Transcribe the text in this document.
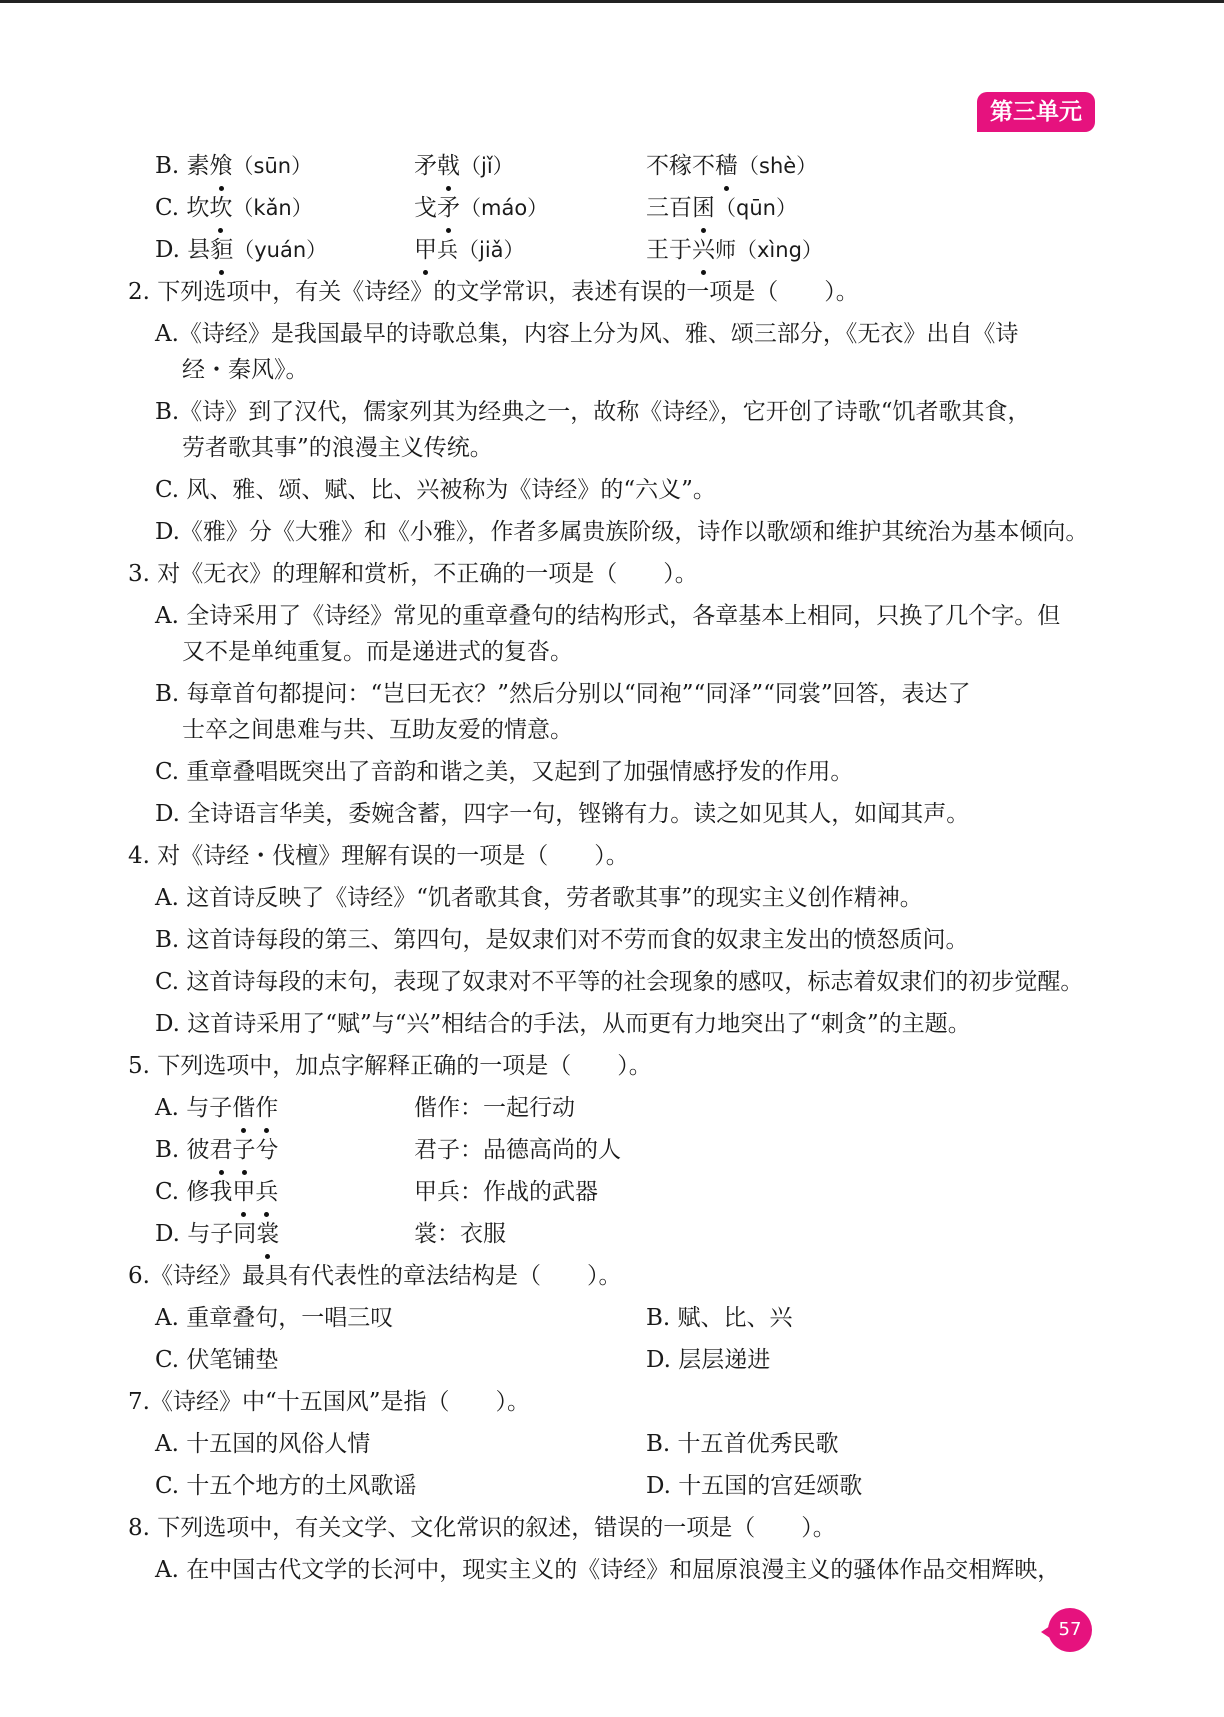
第三单元
B. 素飧（sūn）	矛戟（jǐ）	不稼不穑（shè）
C. 坎坎（kǎn）	戈矛（máo）	三百囷（qūn）
D. 县貆（yuán）	甲兵（jiǎ）	王于兴师（xìng）
2. 下列选项中，有关《诗经》的文学常识，表述有误的一项是（　　）。
A.《诗经》是我国最早的诗歌总集，内容上分为风、雅、颂三部分，《无衣》出自《诗
经・秦风》。
B.《诗》到了汉代，儒家列其为经典之一，故称《诗经》，它开创了诗歌“饥者歌其食，
劳者歌其事”的浪漫主义传统。
C. 风、雅、颂、赋、比、兴被称为《诗经》的“六义”。
D.《雅》分《大雅》和《小雅》，作者多属贵族阶级，诗作以歌颂和维护其统治为基本倾向。
3. 对《无衣》的理解和赏析，不正确的一项是（　　）。
A. 全诗采用了《诗经》常见的重章叠句的结构形式，各章基本上相同，只换了几个字。但
又不是单纯重复。而是递进式的复沓。
B. 每章首句都提问：“岂曰无衣？”然后分别以“同袍”“同泽”“同裳”回答，表达了
士卒之间患难与共、互助友爱的情意。
C. 重章叠唱既突出了音韵和谐之美，又起到了加强情感抒发的作用。
D. 全诗语言华美，委婉含蓄，四字一句，铿锵有力。读之如见其人，如闻其声。
4. 对《诗经・伐檀》理解有误的一项是（　　）。
A. 这首诗反映了《诗经》“饥者歌其食，劳者歌其事”的现实主义创作精神。
B. 这首诗每段的第三、第四句，是奴隶们对不劳而食的奴隶主发出的愤怒质问。
C. 这首诗每段的末句，表现了奴隶对不平等的社会现象的感叹，标志着奴隶们的初步觉醒。
D. 这首诗采用了“赋”与“兴”相结合的手法，从而更有力地突出了“刺贪”的主题。
5. 下列选项中，加点字解释正确的一项是（　　）。
A. 与子偕作	偕作：一起行动
B. 彼君子兮	君子：品德高尚的人
C. 修我甲兵	甲兵：作战的武器
D. 与子同裳	裳：衣服
6.《诗经》最具有代表性的章法结构是（　　）。
A. 重章叠句，一唱三叹	B. 赋、比、兴
C. 伏笔铺垫	D. 层层递进
7.《诗经》中“十五国风”是指（　　）。
A. 十五国的风俗人情	B. 十五首优秀民歌
C. 十五个地方的土风歌谣	D. 十五国的宫廷颂歌
8. 下列选项中，有关文学、文化常识的叙述，错误的一项是（　　）。
A. 在中国古代文学的长河中，现实主义的《诗经》和屈原浪漫主义的骚体作品交相辉映，
57
